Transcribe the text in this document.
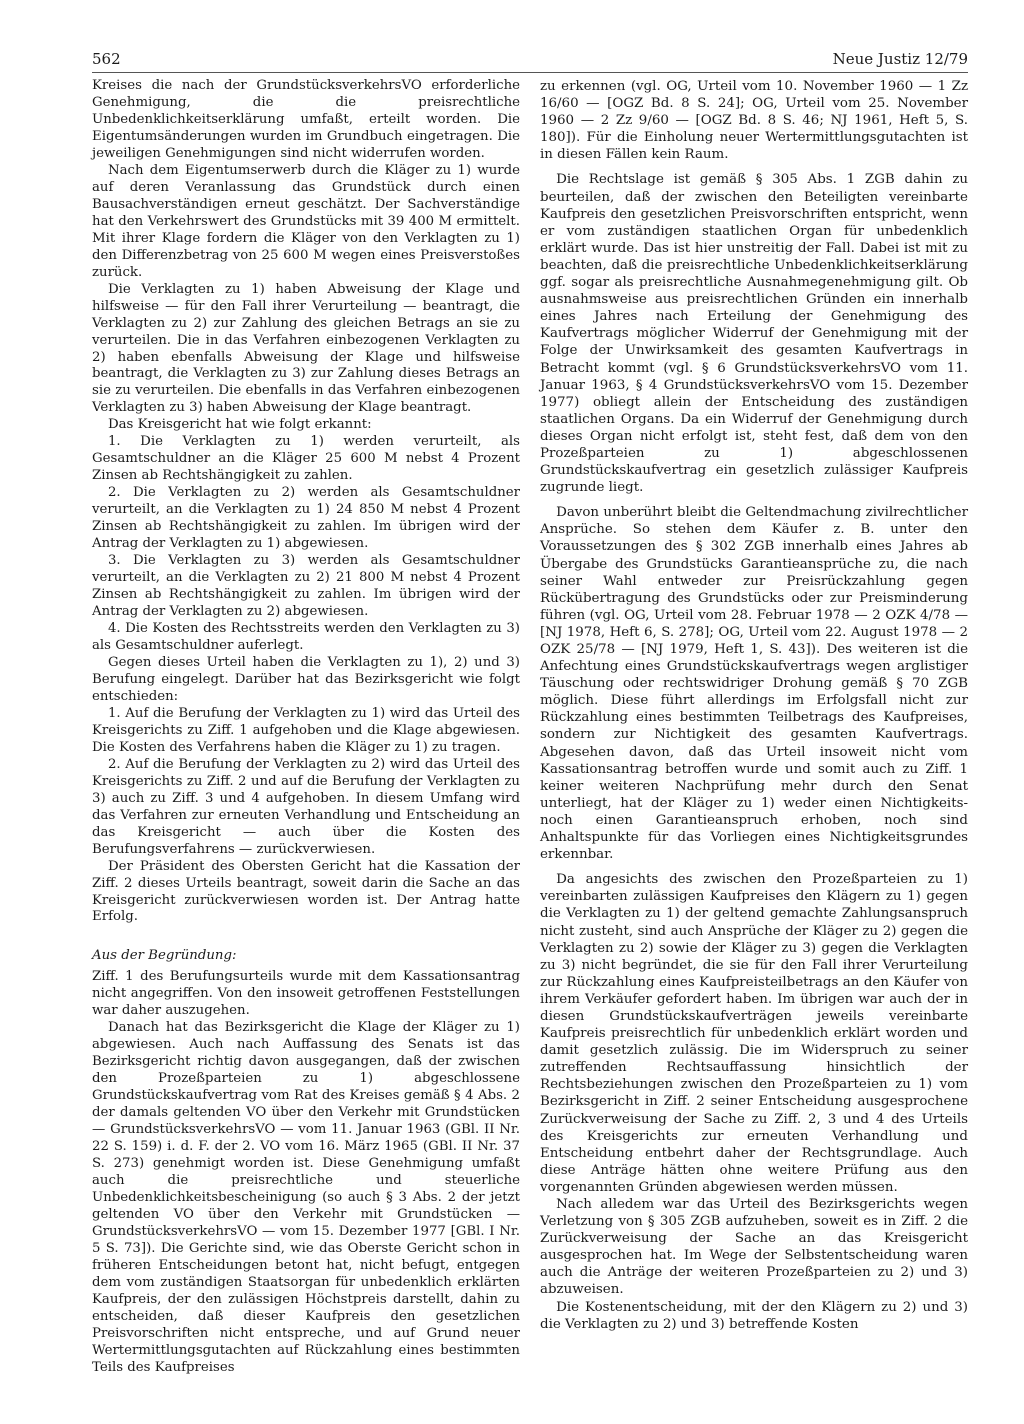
562	Neue Justiz 12/79

Kreises die nach der GrundstücksverkehrsVO erforderliche Genehmigung, die die preisrechtliche Unbedenklichkeitserklärung umfaßt, erteilt worden. Die Eigentumsänderungen wurden im Grundbuch eingetragen. Die jeweiligen Genehmigungen sind nicht widerrufen worden.

Nach dem Eigentumserwerb durch die Kläger zu 1) wurde auf deren Veranlassung das Grundstück durch einen Bausachverständigen erneut geschätzt. Der Sachverständige hat den Verkehrswert des Grundstücks mit 39 400 M ermittelt. Mit ihrer Klage fordern die Kläger von den Verklagten zu 1) den Differenzbetrag von 25 600 M wegen eines Preisverstoßes zurück.

Die Verklagten zu 1) haben Abweisung der Klage und hilfsweise — für den Fall ihrer Verurteilung — beantragt, die Verklagten zu 2) zur Zahlung des gleichen Betrags an sie zu verurteilen. Die in das Verfahren einbezogenen Verklagten zu 2) haben ebenfalls Abweisung der Klage und hilfsweise beantragt, die Verklagten zu 3) zur Zahlung dieses Betrags an sie zu verurteilen. Die ebenfalls in das Verfahren einbezogenen Verklagten zu 3) haben Abweisung der Klage beantragt.

Das Kreisgericht hat wie folgt erkannt:

1. Die Verklagten zu 1) werden verurteilt, als Gesamtschuldner an die Kläger 25 600 M nebst 4 Prozent Zinsen ab Rechtshängigkeit zu zahlen.

2. Die Verklagten zu 2) werden als Gesamtschuldner verurteilt, an die Verklagten zu 1) 24 850 M nebst 4 Prozent Zinsen ab Rechtshängigkeit zu zahlen. Im übrigen wird der Antrag der Verklagten zu 1) abgewiesen.

3. Die Verklagten zu 3) werden als Gesamtschuldner verurteilt, an die Verklagten zu 2) 21 800 M nebst 4 Prozent Zinsen ab Rechtshängigkeit zu zahlen. Im übrigen wird der Antrag der Verklagten zu 2) abgewiesen.

4. Die Kosten des Rechtsstreits werden den Verklagten zu 3) als Gesamtschuldner auferlegt.

Gegen dieses Urteil haben die Verklagten zu 1), 2) und 3) Berufung eingelegt. Darüber hat das Bezirksgericht wie folgt entschieden:

1. Auf die Berufung der Verklagten zu 1) wird das Urteil des Kreisgerichts zu Ziff. 1 aufgehoben und die Klage abgewiesen. Die Kosten des Verfahrens haben die Kläger zu 1) zu tragen.

2. Auf die Berufung der Verklagten zu 2) wird das Urteil des Kreisgerichts zu Ziff. 2 und auf die Berufung der Verklagten zu 3) auch zu Ziff. 3 und 4 aufgehoben. In diesem Umfang wird das Verfahren zur erneuten Verhandlung und Entscheidung an das Kreisgericht — auch über die Kosten des Berufungsverfahrens — zurückverwiesen.

Der Präsident des Obersten Gericht hat die Kassation der Ziff. 2 dieses Urteils beantragt, soweit darin die Sache an das Kreisgericht zurückverwiesen worden ist. Der Antrag hatte Erfolg.

Aus der Begründung:

Ziff. 1 des Berufungsurteils wurde mit dem Kassationsantrag nicht angegriffen. Von den insoweit getroffenen Feststellungen war daher auszugehen.

Danach hat das Bezirksgericht die Klage der Kläger zu 1) abgewiesen. Auch nach Auffassung des Senats ist das Bezirksgericht richtig davon ausgegangen, daß der zwischen den Prozeßparteien zu 1) abgeschlossene Grundstückskaufvertrag vom Rat des Kreises gemäß § 4 Abs. 2 der damals geltenden VO über den Verkehr mit Grundstücken — GrundstücksverkehrsVO — vom 11. Januar 1963 (GBl. II Nr. 22 S. 159) i. d. F. der 2. VO vom 16. März 1965 (GBl. II Nr. 37 S. 273) genehmigt worden ist. Diese Genehmigung umfaßt auch die preisrechtliche und steuerliche Unbedenklichkeitsbescheinigung (so auch § 3 Abs. 2 der jetzt geltenden VO über den Verkehr mit Grundstücken — GrundstücksverkehrsVO — vom 15. Dezember 1977 [GBl. I Nr. 5 S. 73]). Die Gerichte sind, wie das Oberste Gericht schon in früheren Entscheidungen betont hat, nicht befugt, entgegen dem vom zuständigen Staatsorgan für unbedenklich erklärten Kaufpreis, der den zulässigen Höchstpreis darstellt, dahin zu entscheiden, daß dieser Kaufpreis den gesetzlichen Preisvorschriften nicht entspreche, und auf Grund neuer Wertermittlungsgutachten auf Rückzahlung eines bestimmten Teils des Kaufpreises

zu erkennen (vgl. OG, Urteil vom 10. November 1960 — 1 Zz 16/60 — [OGZ Bd. 8 S. 24]; OG, Urteil vom 25. November 1960 — 2 Zz 9/60 — [OGZ Bd. 8 S. 46; NJ 1961, Heft 5, S. 180]). Für die Einholung neuer Wertermittlungsgutachten ist in diesen Fällen kein Raum.

Die Rechtslage ist gemäß § 305 Abs. 1 ZGB dahin zu beurteilen, daß der zwischen den Beteiligten vereinbarte Kaufpreis den gesetzlichen Preisvorschriften entspricht, wenn er vom zuständigen staatlichen Organ für unbedenklich erklärt wurde. Das ist hier unstreitig der Fall. Dabei ist mit zu beachten, daß die preisrechtliche Unbedenklichkeitserklärung ggf. sogar als preisrechtliche Ausnahmegenehmigung gilt. Ob ausnahmsweise aus preisrechtlichen Gründen ein innerhalb eines Jahres nach Erteilung der Genehmigung des Kaufvertrags möglicher Widerruf der Genehmigung mit der Folge der Unwirksamkeit des gesamten Kaufvertrags in Betracht kommt (vgl. § 6 GrundstücksverkehrsVO vom 11. Januar 1963, § 4 GrundstücksverkehrsVO vom 15. Dezember 1977) obliegt allein der Entscheidung des zuständigen staatlichen Organs. Da ein Widerruf der Genehmigung durch dieses Organ nicht erfolgt ist, steht fest, daß dem von den Prozeßparteien zu 1) abgeschlossenen Grundstückskaufvertrag ein gesetzlich zulässiger Kaufpreis zugrunde liegt.

Davon unberührt bleibt die Geltendmachung zivilrechtlicher Ansprüche. So stehen dem Käufer z. B. unter den Voraussetzungen des § 302 ZGB innerhalb eines Jahres ab Übergabe des Grundstücks Garantieansprüche zu, die nach seiner Wahl entweder zur Preisrückzahlung gegen Rückübertragung des Grundstücks oder zur Preisminderung führen (vgl. OG, Urteil vom 28. Februar 1978 — 2 OZK 4/78 — [NJ 1978, Heft 6, S. 278]; OG, Urteil vom 22. August 1978 — 2 OZK 25/78 — [NJ 1979, Heft 1, S. 43]). Des weiteren ist die Anfechtung eines Grundstückskaufvertrags wegen arglistiger Täuschung oder rechtswidriger Drohung gemäß § 70 ZGB möglich. Diese führt allerdings im Erfolgsfall nicht zur Rückzahlung eines bestimmten Teilbetrags des Kaufpreises, sondern zur Nichtigkeit des gesamten Kaufvertrags. Abgesehen davon, daß das Urteil insoweit nicht vom Kassationsantrag betroffen wurde und somit auch zu Ziff. 1 keiner weiteren Nachprüfung mehr durch den Senat unterliegt, hat der Kläger zu 1) weder einen Nichtigkeits- noch einen Garantieanspruch erhoben, noch sind Anhaltspunkte für das Vorliegen eines Nichtigkeitsgrundes erkennbar.

Da angesichts des zwischen den Prozeßparteien zu 1) vereinbarten zulässigen Kaufpreises den Klägern zu 1) gegen die Verklagten zu 1) der geltend gemachte Zahlungsanspruch nicht zusteht, sind auch Ansprüche der Kläger zu 2) gegen die Verklagten zu 2) sowie der Kläger zu 3) gegen die Verklagten zu 3) nicht begründet, die sie für den Fall ihrer Verurteilung zur Rückzahlung eines Kaufpreisteilbetrags an den Käufer von ihrem Verkäufer gefordert haben. Im übrigen war auch der in diesen Grundstückskaufverträgen jeweils vereinbarte Kaufpreis preisrechtlich für unbedenklich erklärt worden und damit gesetzlich zulässig. Die im Widerspruch zu seiner zutreffenden Rechtsauffassung hinsichtlich der Rechtsbeziehungen zwischen den Prozeßparteien zu 1) vom Bezirksgericht in Ziff. 2 seiner Entscheidung ausgesprochene Zurückverweisung der Sache zu Ziff. 2, 3 und 4 des Urteils des Kreisgerichts zur erneuten Verhandlung und Entscheidung entbehrt daher der Rechtsgrundlage. Auch diese Anträge hätten ohne weitere Prüfung aus den vorgenannten Gründen abgewiesen werden müssen.

Nach alledem war das Urteil des Bezirksgerichts wegen Verletzung von § 305 ZGB aufzuheben, soweit es in Ziff. 2 die Zurückverweisung der Sache an das Kreisgericht ausgesprochen hat. Im Wege der Selbstentscheidung waren auch die Anträge der weiteren Prozeßparteien zu 2) und 3) abzuweisen.

Die Kostenentscheidung, mit der den Klägern zu 2) und 3) die Verklagten zu 2) und 3) betreffende Kosten
